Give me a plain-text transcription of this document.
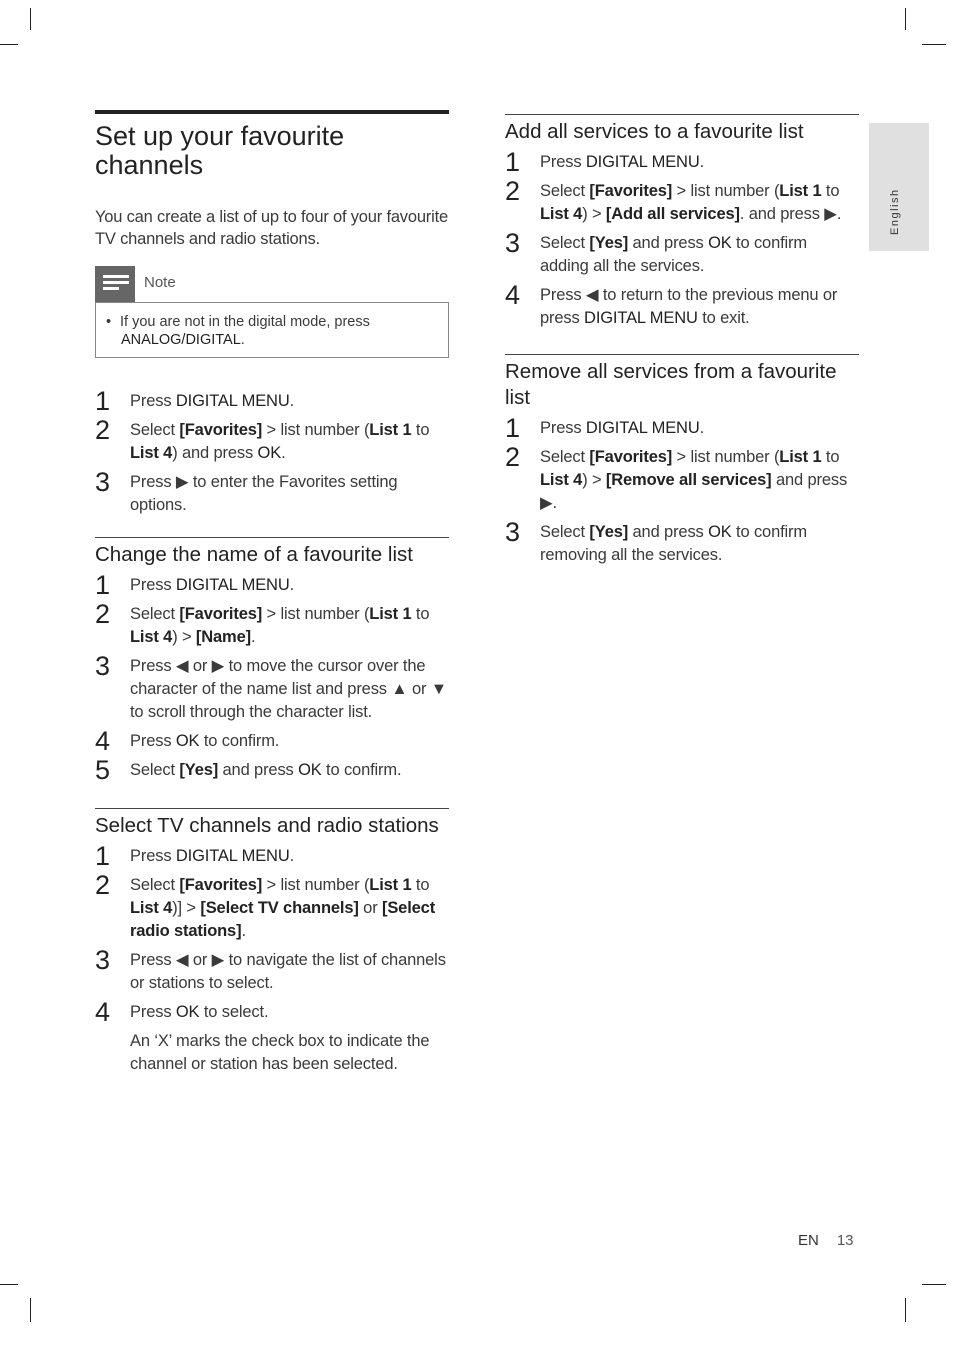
English
Set up your favourite channels
You can create a list of up to four of your favourite TV channels and radio stations.
Note
• If you are not in the digital mode, press
ANALOG/DIGITAL.
1 Press DIGITAL MENU.
2 Select [Favorites] > list number (List 1 to List 4) and press OK.
3 Press ▶ to enter the Favorites setting options.
Change the name of a favourite list
1 Press DIGITAL MENU.
2 Select [Favorites] > list number (List 1 to List 4) > [Name].
3 Press ◀ or ▶ to move the cursor over the character of the name list and press ▲ or ▼ to scroll through the character list.
4 Press OK to confirm.
5 Select [Yes] and press OK to confirm.
Select TV channels and radio stations
1 Press DIGITAL MENU.
2 Select [Favorites] > list number (List 1 to List 4)] > [Select TV channels] or [Select radio stations].
3 Press ◀ or ▶ to navigate the list of channels or stations to select.
4 Press OK to select.
An ‘X’ marks the check box to indicate the channel or station has been selected.
Add all services to a favourite list
1 Press DIGITAL MENU.
2 Select [Favorites] > list number (List 1 to List 4) > [Add all services]. and press ▶.
3 Select [Yes] and press OK to confirm adding all the services.
4 Press ◀ to return to the previous menu or press DIGITAL MENU to exit.
Remove all services from a favourite list
1 Press DIGITAL MENU.
2 Select [Favorites] > list number (List 1 to List 4) > [Remove all services] and press ▶.
3 Select [Yes] and press OK to confirm removing all the services.
EN 13
